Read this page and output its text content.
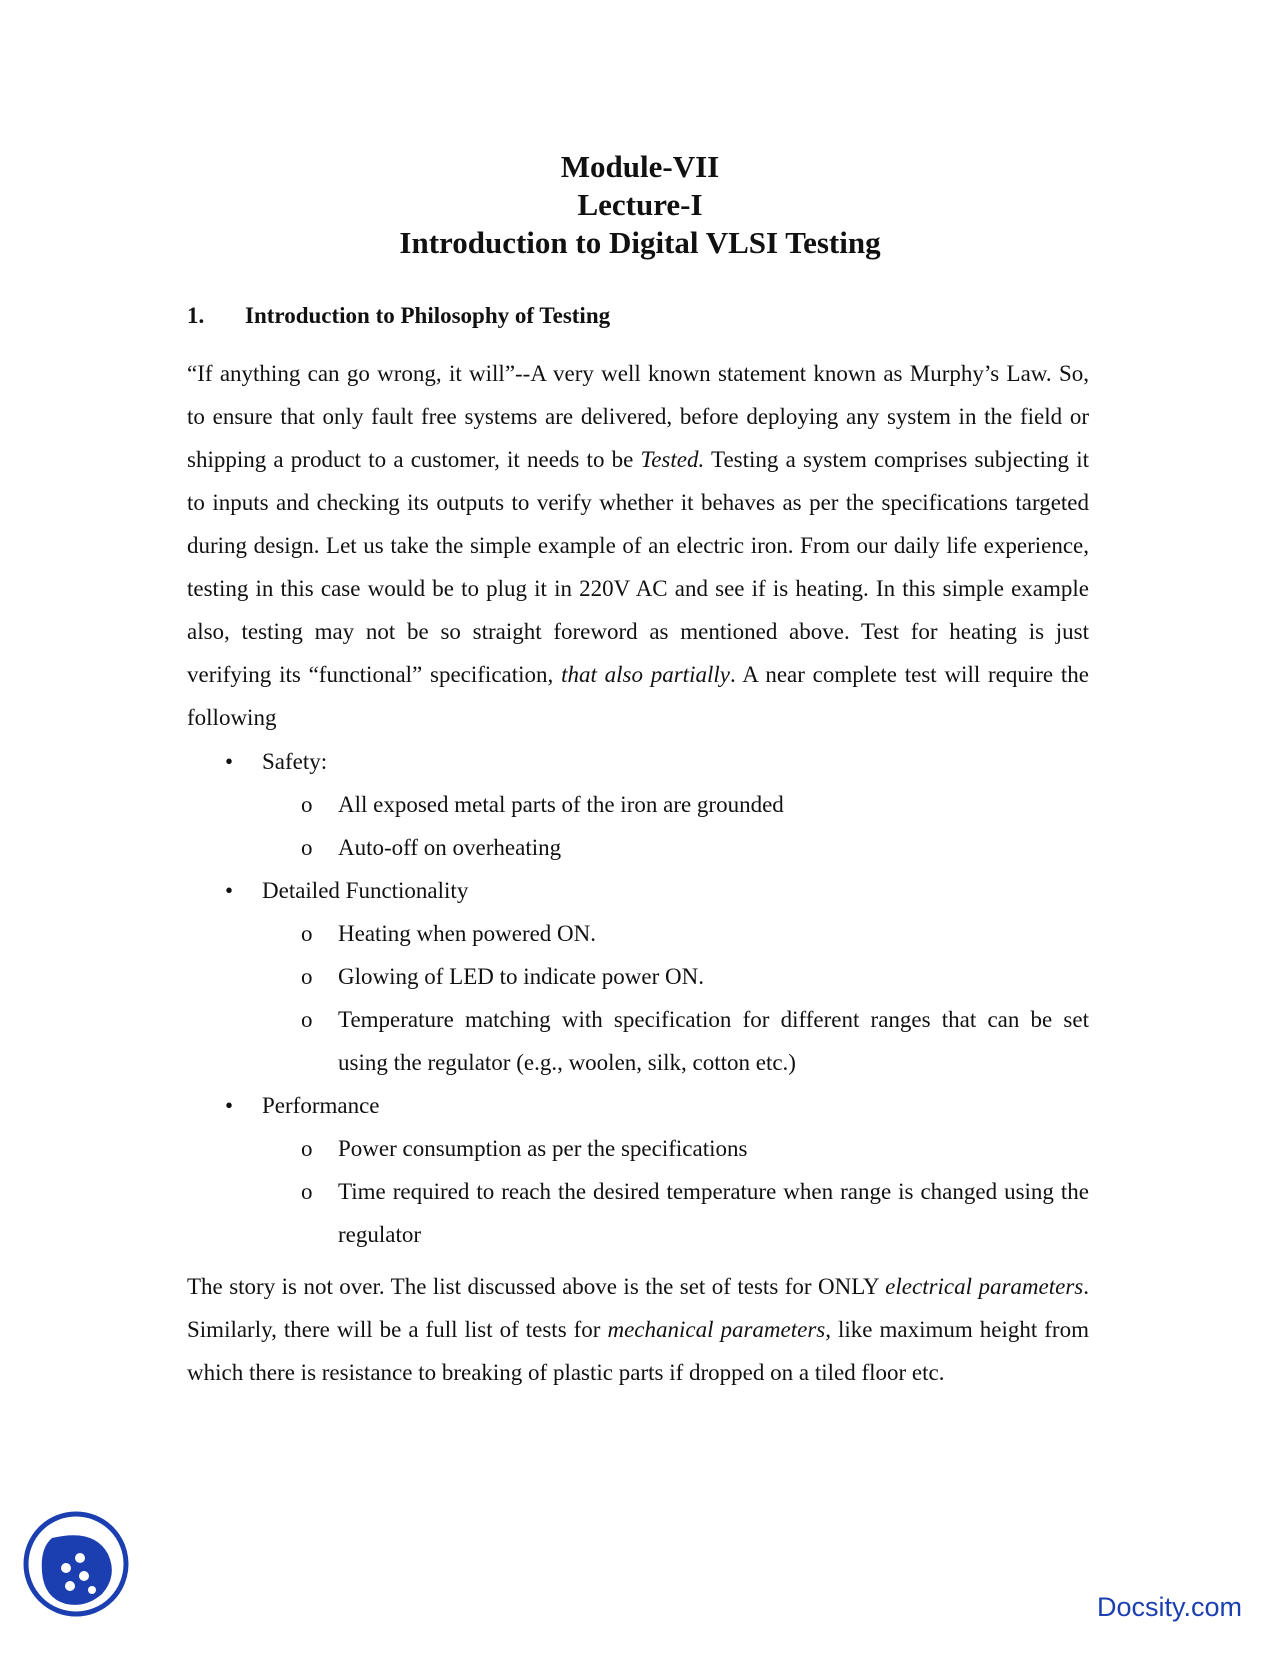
Module-VII
Lecture-I
Introduction to Digital VLSI Testing
1. Introduction to Philosophy of Testing
“If anything can go wrong, it will”--A very well known statement known as Murphy’s Law. So, to ensure that only fault free systems are delivered, before deploying any system in the field or shipping a product to a customer, it needs to be Tested. Testing a system comprises subjecting it to inputs and checking its outputs to verify whether it behaves as per the specifications targeted during design. Let us take the simple example of an electric iron. From our daily life experience, testing in this case would be to plug it in 220V AC and see if is heating. In this simple example also, testing may not be so straight foreword as mentioned above. Test for heating is just verifying its “functional” specification, that also partially. A near complete test will require the following
• Safety:
o All exposed metal parts of the iron are grounded
o Auto-off on overheating
• Detailed Functionality
o Heating when powered ON.
o Glowing of LED to indicate power ON.
o Temperature matching with specification for different ranges that can be set using the regulator (e.g., woolen, silk, cotton etc.)
• Performance
o Power consumption as per the specifications
o Time required to reach the desired temperature when range is changed using the regulator
The story is not over. The list discussed above is the set of tests for ONLY electrical parameters. Similarly, there will be a full list of tests for mechanical parameters, like maximum height from which there is resistance to breaking of plastic parts if dropped on a tiled floor etc.
Docsity.com
